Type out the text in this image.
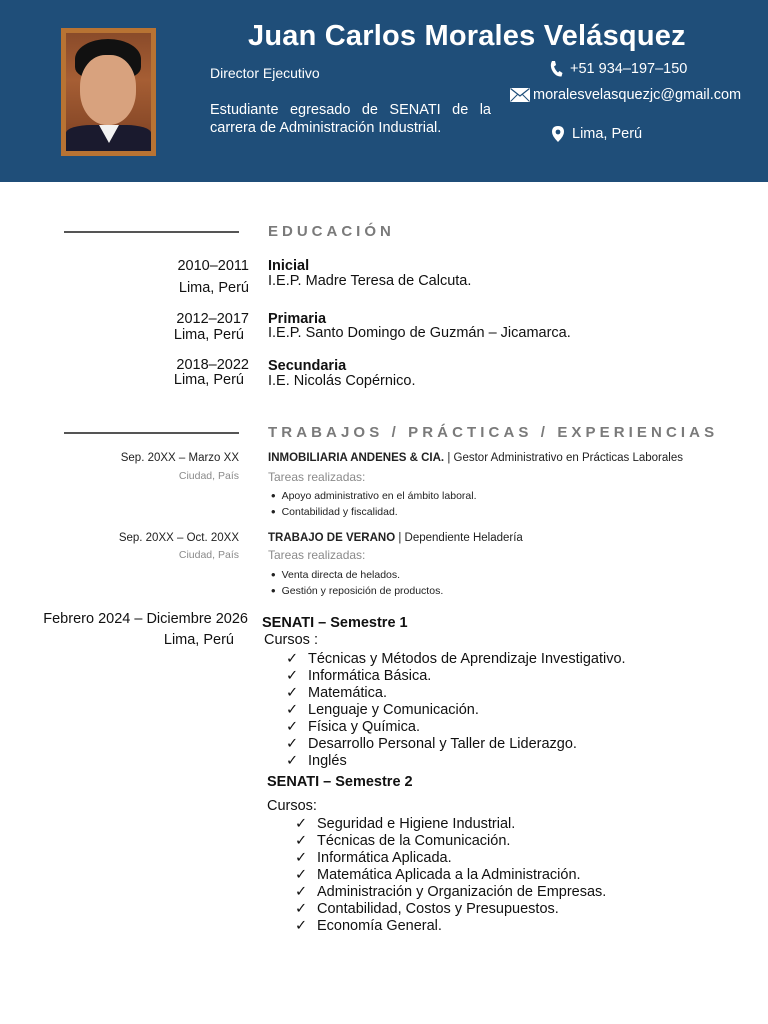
Juan Carlos Morales Velásquez
Director Ejecutivo
Estudiante egresado de SENATI de la carrera de Administración Industrial.
+51 934–197–150
moralesvelasquezjc@gmail.com
Lima, Perú
EDUCACIÓN
2010–2011
Lima, Perú
Inicial
I.E.P. Madre Teresa de Calcuta.
2012–2017
Lima, Perú
Primaria
I.E.P. Santo Domingo de Guzmán – Jicamarca.
2018–2022
Lima, Perú
Secundaria
I.E. Nicolás Copérnico.
TRABAJOS / PRÁCTICAS / EXPERIENCIAS
Sep. 20XX – Marzo XX
Ciudad, País
INMOBILIARIA ANDENES & CIA. | Gestor Administrativo en Prácticas Laborales
Tareas realizadas:
• Apoyo administrativo en el ámbito laboral.
• Contabilidad y fiscalidad.
Sep. 20XX – Oct. 20XX
Ciudad, País
TRABAJO DE VERANO | Dependiente Heladería
Tareas realizadas:
• Venta directa de helados.
• Gestión y reposición de productos.
Febrero 2024 – Diciembre 2026
Lima, Perú
SENATI – Semestre 1
Cursos :
✓ Técnicas y Métodos de Aprendizaje Investigativo.
✓ Informática Básica.
✓ Matemática.
✓ Lenguaje y Comunicación.
✓ Física y Química.
✓ Desarrollo Personal y Taller de Liderazgo.
✓ Inglés
SENATI – Semestre 2
Cursos:
✓ Seguridad e Higiene Industrial.
✓ Técnicas de la Comunicación.
✓ Informática Aplicada.
✓ Matemática Aplicada a la Administración.
✓ Administración y Organización de Empresas.
✓ Contabilidad, Costos y Presupuestos.
✓ Economía General.
